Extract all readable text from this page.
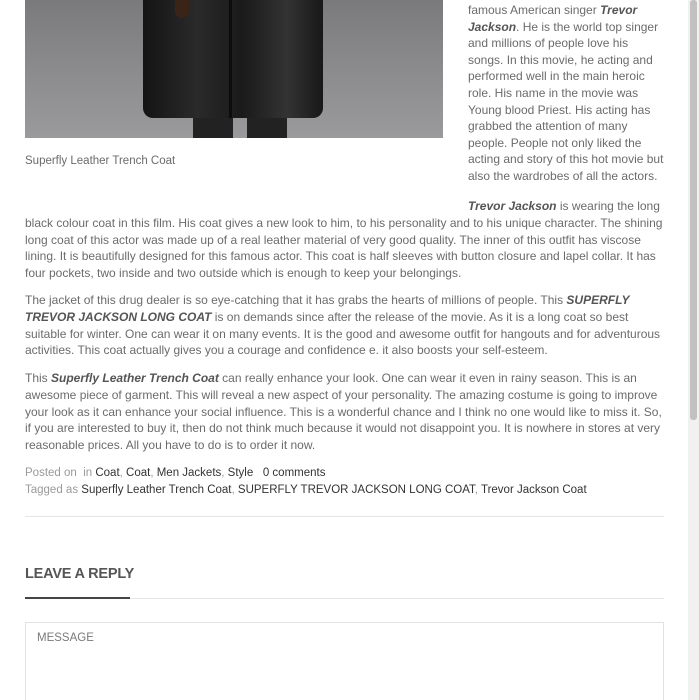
Superfly Leather Trench Coat
famous American singer Trevor Jackson. He is the world top singer and millions of people love his songs. In this movie, he acting and performed well in the main heroic role. His name in the movie was Young blood Priest. His acting has grabbed the attention of many people. People not only liked the acting and story of this hot movie but also the wardrobes of all the actors.
Trevor Jackson is wearing the long
black colour coat in this film. His coat gives a new look to him, to his personality and to his unique character. The shining long coat of this actor was made up of a real leather material of very good quality. The inner of this outfit has viscose lining. It is beautifully designed for this famous actor. This coat is half sleeves with button closure and lapel collar. It has four pockets, two inside and two outside which is enough to keep your belongings.
The jacket of this drug dealer is so eye-catching that it has grabs the hearts of millions of people. This SUPERFLY TREVOR JACKSON LONG COAT is on demands since after the release of the movie. As it is a long coat so best suitable for winter. One can wear it on many events. It is the good and awesome outfit for hangouts and for adventurous activities. This coat actually gives you a courage and confidence e. it also boosts your self-esteem.
This Superfly Leather Trench Coat can really enhance your look. One can wear it even in rainy season. This is an awesome piece of garment. This will reveal a new aspect of your personality. The amazing costume is going to improve your look as it can enhance your social influence. This is a wonderful chance and I think no one would like to miss it. So, if you are interested to buy it, then do not think much because it would not disappoint you. It is nowhere in stores at very reasonable prices. All you have to do is to order it now.
Posted on in Coat, Coat, Men Jackets, Style 0 comments
Tagged as Superfly Leather Trench Coat, SUPERFLY TREVOR JACKSON LONG COAT, Trevor Jackson Coat
LEAVE A REPLY
MESSAGE
